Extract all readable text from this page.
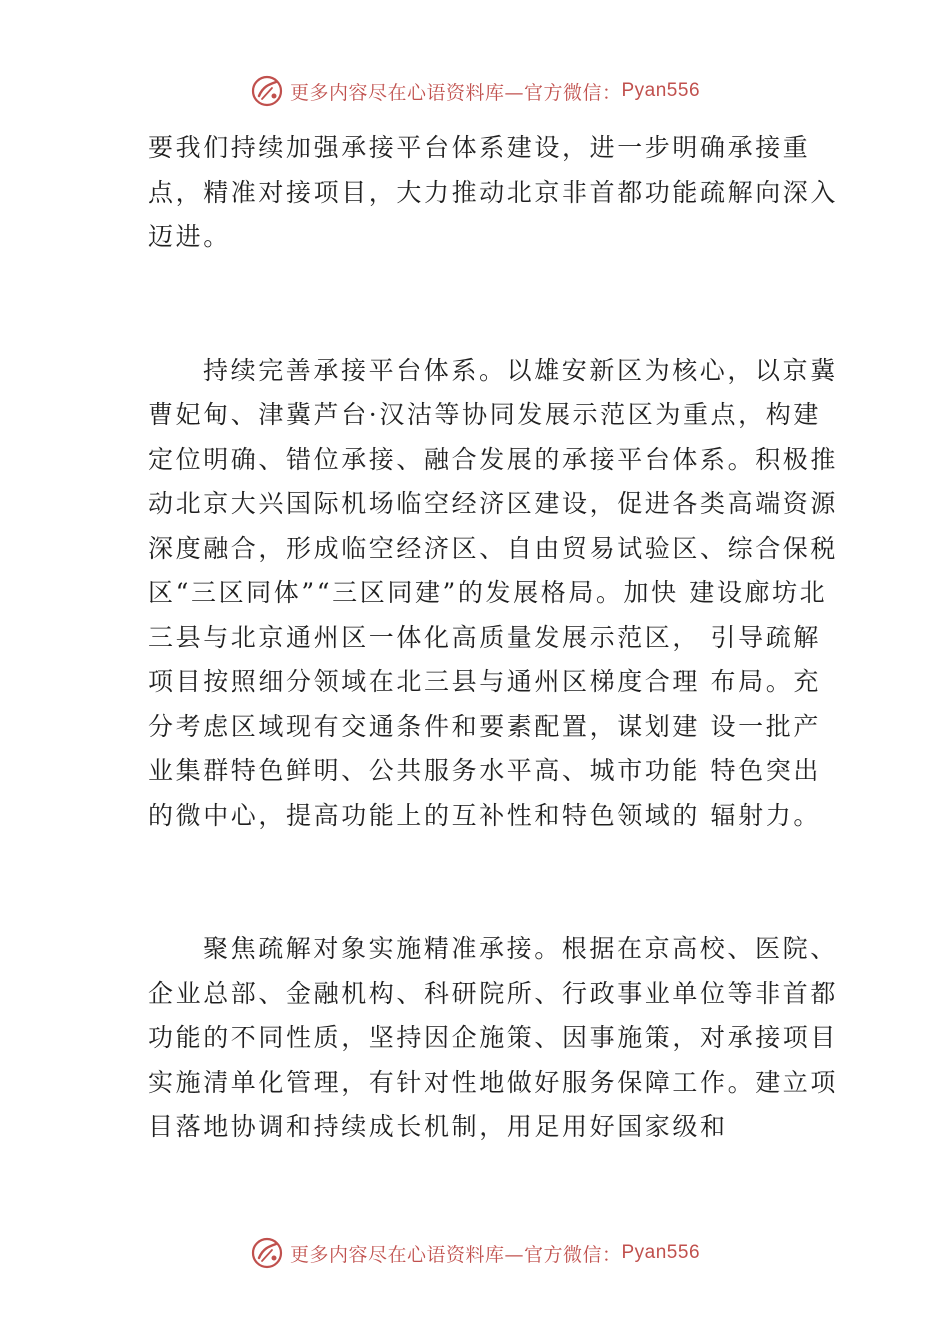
更多内容尽在心语资料库—官方微信： Pyan556

要我们持续加强承接平台体系建设，进一步明确承接重点，精准对接项目，大力推动北京非首都功能疏解向深入迈进。

持续完善承接平台体系。以雄安新区为核心，以京冀曹妃甸、津冀芦台·汉沽等协同发展示范区为重点，构建定位明确、错位承接、融合发展的承接平台体系。积极推动北京大兴国际机场临空经济区建设，促进各类高端资源深度融合，形成临空经济区、自由贸易试验区、综合保税区“三区同体”“三区同建”的发展格局。加快 建设廊坊北三县与北京通州区一体化高质量发展示范区， 引导疏解项目按照细分领域在北三县与通州区梯度合理 布局。充分考虑区域现有交通条件和要素配置，谋划建 设一批产业集群特色鲜明、公共服务水平高、城市功能 特色突出的微中心，提高功能上的互补性和特色领域的 辐射力。

聚焦疏解对象实施精准承接。根据在京高校、医院、企业总部、金融机构、科研院所、行政事业单位等非首都功能的不同性质，坚持因企施策、因事施策，对承接项目实施清单化管理，有针对性地做好服务保障工作。建立项目落地协调和持续成长机制，用足用好国家级和

更多内容尽在心语资料库—官方微信： Pyan556
